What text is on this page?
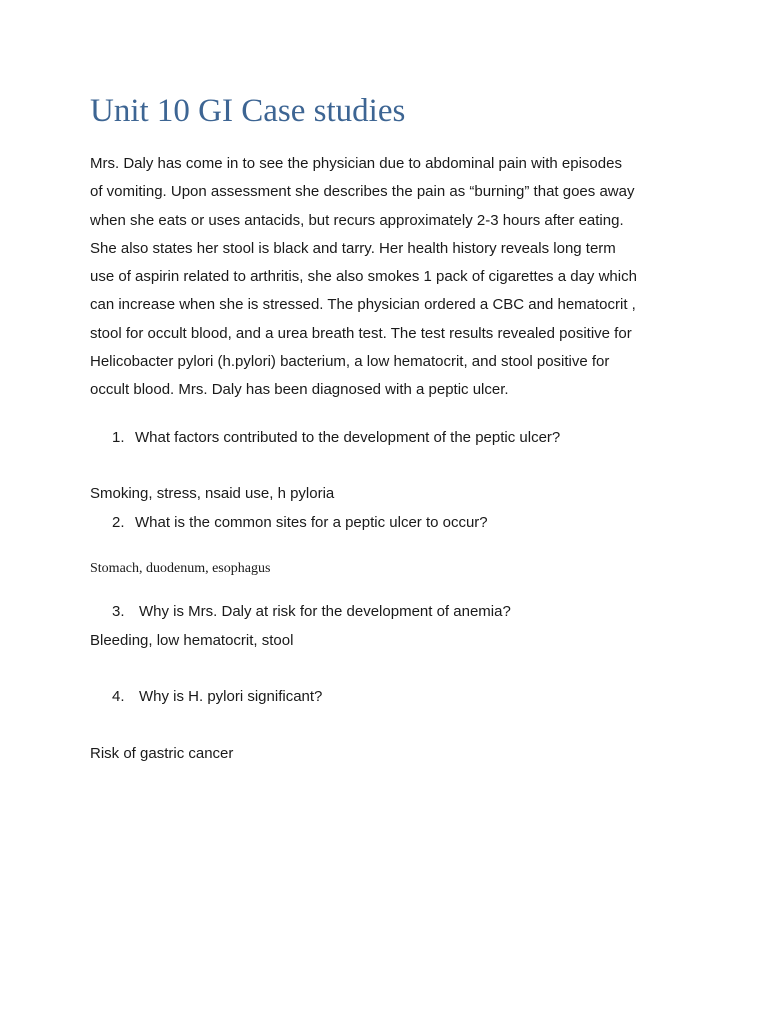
Unit 10 GI Case studies
Mrs. Daly has come in to see the physician due to abdominal pain with episodes
of vomiting. Upon assessment she describes the pain as “burning” that goes away
when she eats or uses antacids, but recurs approximately 2-3 hours after eating.
She also states her stool is black and tarry. Her health history reveals long term
use of aspirin related to arthritis, she also smokes 1 pack of cigarettes a day which
can increase when she is stressed. The physician ordered a CBC and hematocrit ,
stool for occult blood, and a urea breath test. The test results revealed positive for
Helicobacter pylori (h.pylori) bacterium, a low hematocrit, and stool positive for
occult blood. Mrs. Daly has been diagnosed with a peptic ulcer.
1. What factors contributed to the development of the peptic ulcer?
Smoking, stress, nsaid use, h pyloria
2. What is the common sites for a peptic ulcer to occur?
Stomach, duodenum, esophagus
3. Why is Mrs. Daly at risk for the development of anemia?
Bleeding, low hematocrit, stool
4. Why is H. pylori significant?
Risk of gastric cancer
